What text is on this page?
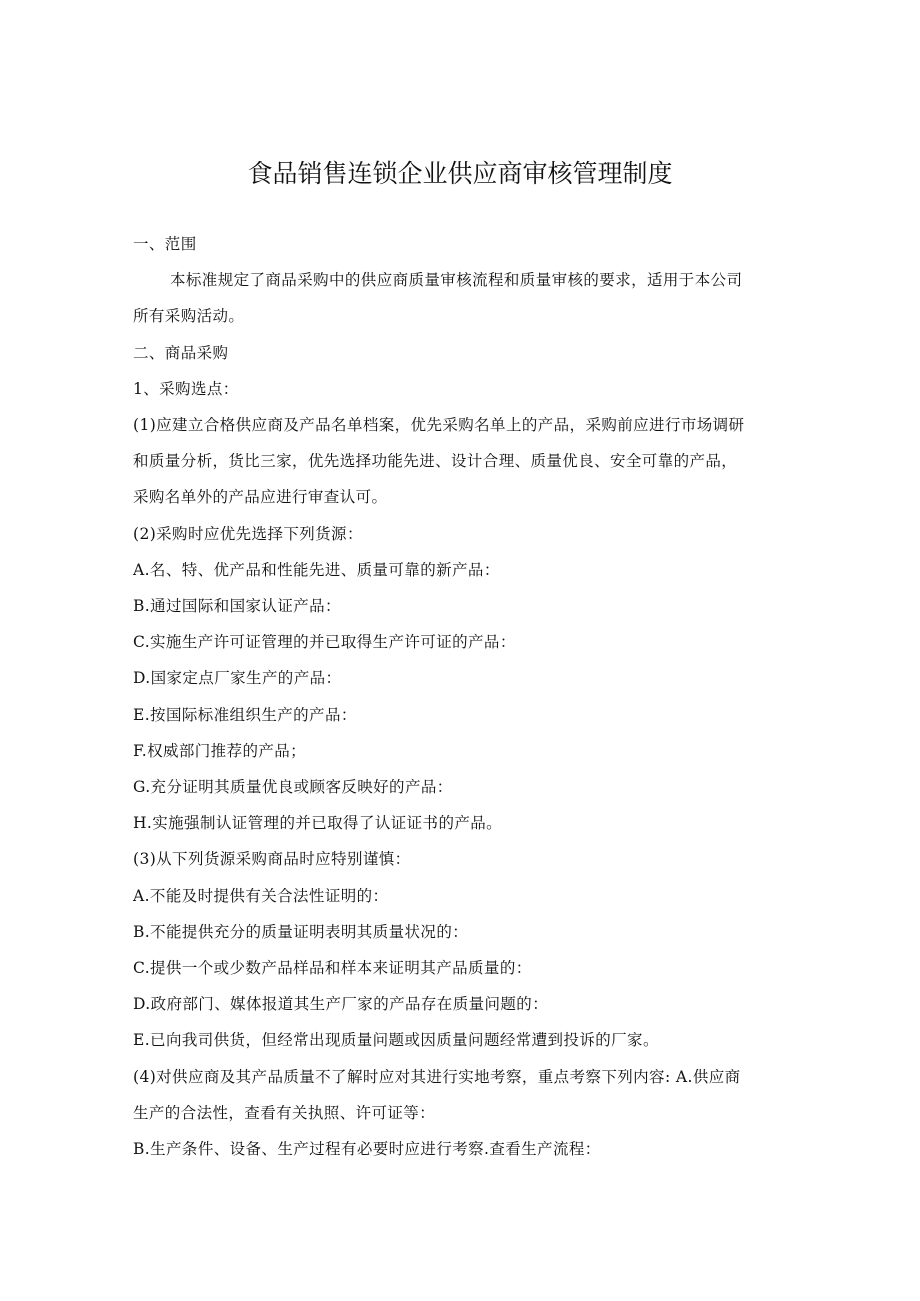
食品销售连锁企业供应商审核管理制度
一、范围
本标准规定了商品采购中的供应商质量审核流程和质量审核的要求，适用于本公司
所有采购活动。
二、商品采购
1、采购选点：
(1)应建立合格供应商及产品名单档案，优先采购名单上的产品，采购前应进行市场调研
和质量分析，货比三家，优先选择功能先进、设计合理、质量优良、安全可靠的产品，
采购名单外的产品应进行审查认可。
(2)采购时应优先选择下列货源：
A.名、特、优产品和性能先进、质量可靠的新产品：
B.通过国际和国家认证产品：
C.实施生产许可证管理的并已取得生产许可证的产品：
D.国家定点厂家生产的产品：
E.按国际标准组织生产的产品：
F.权威部门推荐的产品；
G.充分证明其质量优良或顾客反映好的产品：
H.实施强制认证管理的并已取得了认证证书的产品。
(3)从下列货源采购商品时应特别谨慎：
A.不能及时提供有关合法性证明的：
B.不能提供充分的质量证明表明其质量状况的：
C.提供一个或少数产品样品和样本来证明其产品质量的：
D.政府部门、媒体报道其生产厂家的产品存在质量问题的：
E.已向我司供货，但经常出现质量问题或因质量问题经常遭到投诉的厂家。
(4)对供应商及其产品质量不了解时应对其进行实地考察，重点考察下列内容: A.供应商
生产的合法性，查看有关执照、许可证等：
B.生产条件、设备、生产过程有必要时应进行考察.查看生产流程：
